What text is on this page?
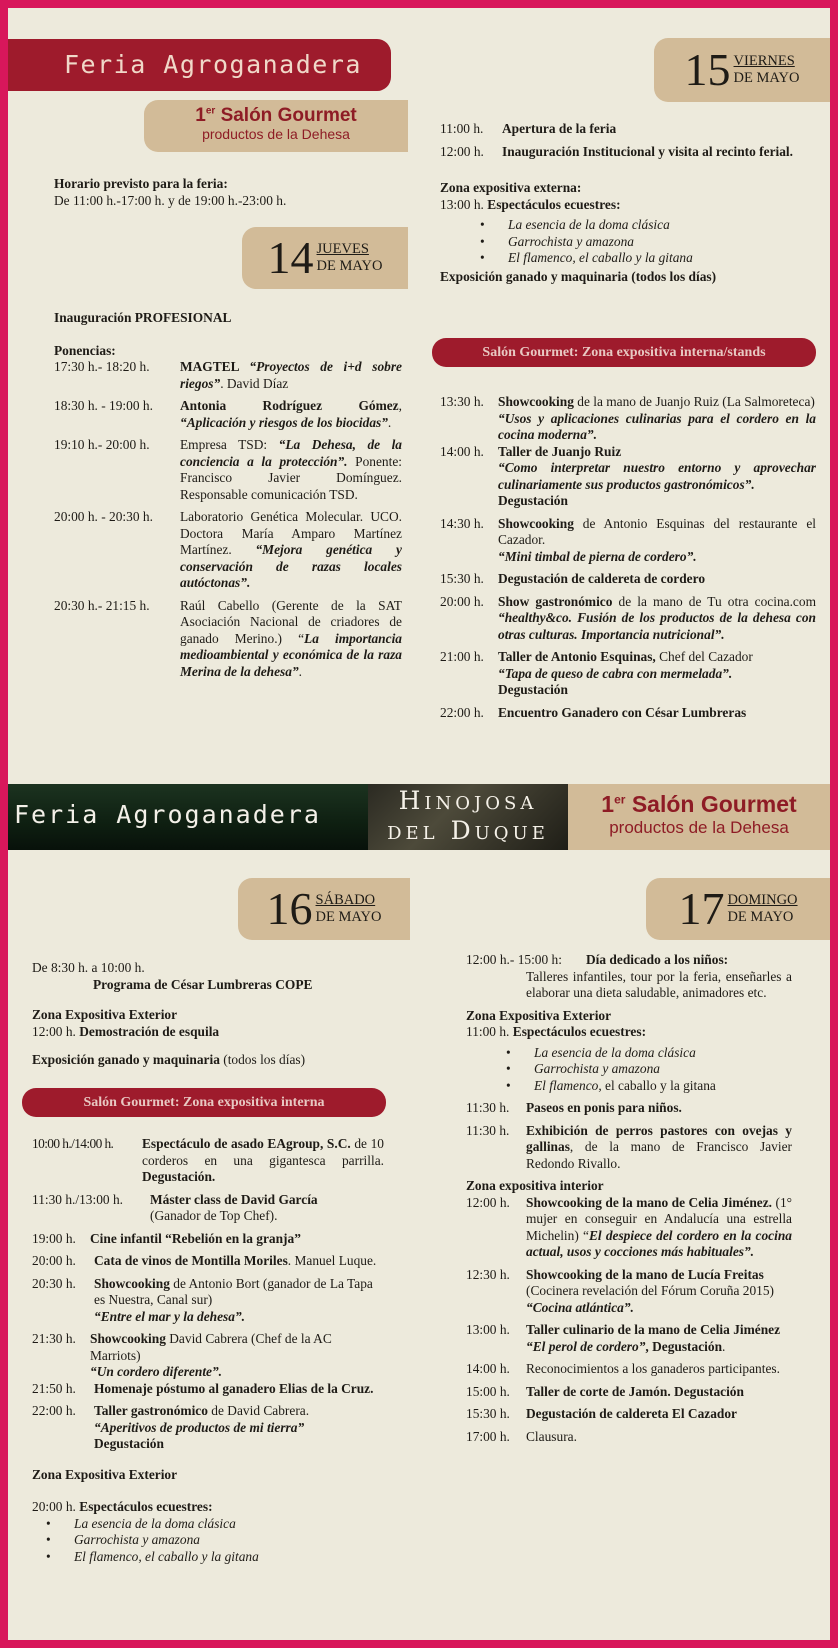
Feria Agroganadera
1er Salón Gourmet
productos de la Dehesa
15 VIERNES
DE MAYO
14 JUEVES
DE MAYO
Horario previsto para la feria:
De 11:00 h.-17:00 h. y de 19:00 h.-23:00 h.
Inauguración PROFESIONAL
Ponencias:
17:30 h.- 18:20 h.	MAGTEL “Proyectos de i+d sobre riegos”. David Díaz
18:30 h. - 19:00 h.	Antonia Rodríguez Gómez, “Aplicación y riesgos de los biocidas”.
19:10 h.- 20:00 h.	Empresa TSD: “La Dehesa, de la conciencia a la protección”. Ponente: Francisco Javier Domínguez. Responsable comunicación TSD.
20:00 h. - 20:30 h.	Laboratorio Genética Molecular. UCO. Doctora María Amparo Martínez Martínez. “Mejora genética y conservación de razas locales autóctonas”.
20:30 h.- 21:15 h.	Raúl Cabello (Gerente de la SAT Asociación Nacional de criadores de ganado Merino.) “La importancia medioambiental y económica de la raza Merina de la dehesa”.
11:00 h.	Apertura de la feria
12:00 h.	Inauguración Institucional y visita al recinto ferial.
Zona expositiva externa:
13:00 h. Espectáculos ecuestres:
• La esencia de la doma clásica
• Garrochista y amazona
• El flamenco, el caballo y la gitana
Exposición ganado y maquinaria (todos los días)
Salón Gourmet: Zona expositiva interna/stands
13:30 h.	Showcooking de la mano de Juanjo Ruiz (La Salmoreteca)
“Usos y aplicaciones culinarias para el cordero en la cocina moderna”.
14:00 h.	Taller de Juanjo Ruiz
“Como interpretar nuestro entorno y aprovechar culinariamente sus productos gastronómicos”.
Degustación
14:30 h.	Showcooking de Antonio Esquinas del restaurante el Cazador.
“Mini timbal de pierna de cordero”.
15:30 h.	Degustación de caldereta de cordero
20:00 h.	Show gastronómico de la mano de Tu otra cocina.com “healthy&co. Fusión de los productos de la dehesa con otras culturas. Importancia nutricional”.
21:00 h.	Taller de Antonio Esquinas, Chef del Cazador
“Tapa de queso de cabra con mermelada”.
Degustación
22:00 h.	Encuentro Ganadero con César Lumbreras
Feria Agroganadera	Hinojosa
del Duque
1er Salón Gourmet
productos de la Dehesa
16 SÁBADO
DE MAYO	17 DOMINGO
DE MAYO
De 8:30 h. a 10:00 h.
Programa de César Lumbreras COPE
Zona Expositiva Exterior
12:00 h. Demostración de esquila
Exposición ganado y maquinaria (todos los días)
Salón Gourmet: Zona expositiva interna
10:00 h./14:00 h.	Espectáculo de asado EAgroup, S.C. de 10 corderos en una gigantesca parrilla. Degustación.
11:30 h./13:00 h.	Máster class de David García
(Ganador de Top Chef).
19:00 h.	Cine infantil “Rebelión en la granja”
20:00 h.	Cata de vinos de Montilla Moriles. Manuel Luque.
20:30 h.	Showcooking de Antonio Bort (ganador de La Tapa es Nuestra, Canal sur)
“Entre el mar y la dehesa”.
21:30 h.	Showcooking David Cabrera (Chef de la AC Marriots)
“Un cordero diferente”.
21:50 h.	Homenaje póstumo al ganadero Elias de la Cruz.
22:00 h.	Taller gastronómico de David Cabrera.
“Aperitivos de productos de mi tierra”
Degustación
Zona Expositiva Exterior
20:00 h. Espectáculos ecuestres:
• La esencia de la doma clásica
• Garrochista y amazona
• El flamenco, el caballo y la gitana
12:00 h.- 15:00 h:	Día dedicado a los niños:
Talleres infantiles, tour por la feria, enseñarles a elaborar una dieta saludable, animadores etc.
Zona Expositiva Exterior
11:00 h. Espectáculos ecuestres:
• La esencia de la doma clásica
• Garrochista y amazona
• El flamenco, el caballo y la gitana
11:30 h.	Paseos en ponis para niños.
11:30 h.	Exhibición de perros pastores con ovejas y gallinas, de la mano de Francisco Javier Redondo Rivallo.
Zona expositiva interior
12:00 h.	Showcooking de la mano de Celia Jiménez. (1° mujer en conseguir en Andalucía una estrella Michelin) “El despiece del cordero en la cocina actual, usos y cocciones más habituales”.
12:30 h.	Showcooking de la mano de Lucía Freitas (Cocinera revelación del Fórum Coruña 2015) “Cocina atlántica”.
13:00 h.	Taller culinario de la mano de Celia Jiménez “El perol de cordero”, Degustación.
14:00 h.	Reconocimientos a los ganaderos participantes.
15:00 h.	Taller de corte de Jamón. Degustación
15:30 h.	Degustación de caldereta El Cazador
17:00 h.	Clausura.
